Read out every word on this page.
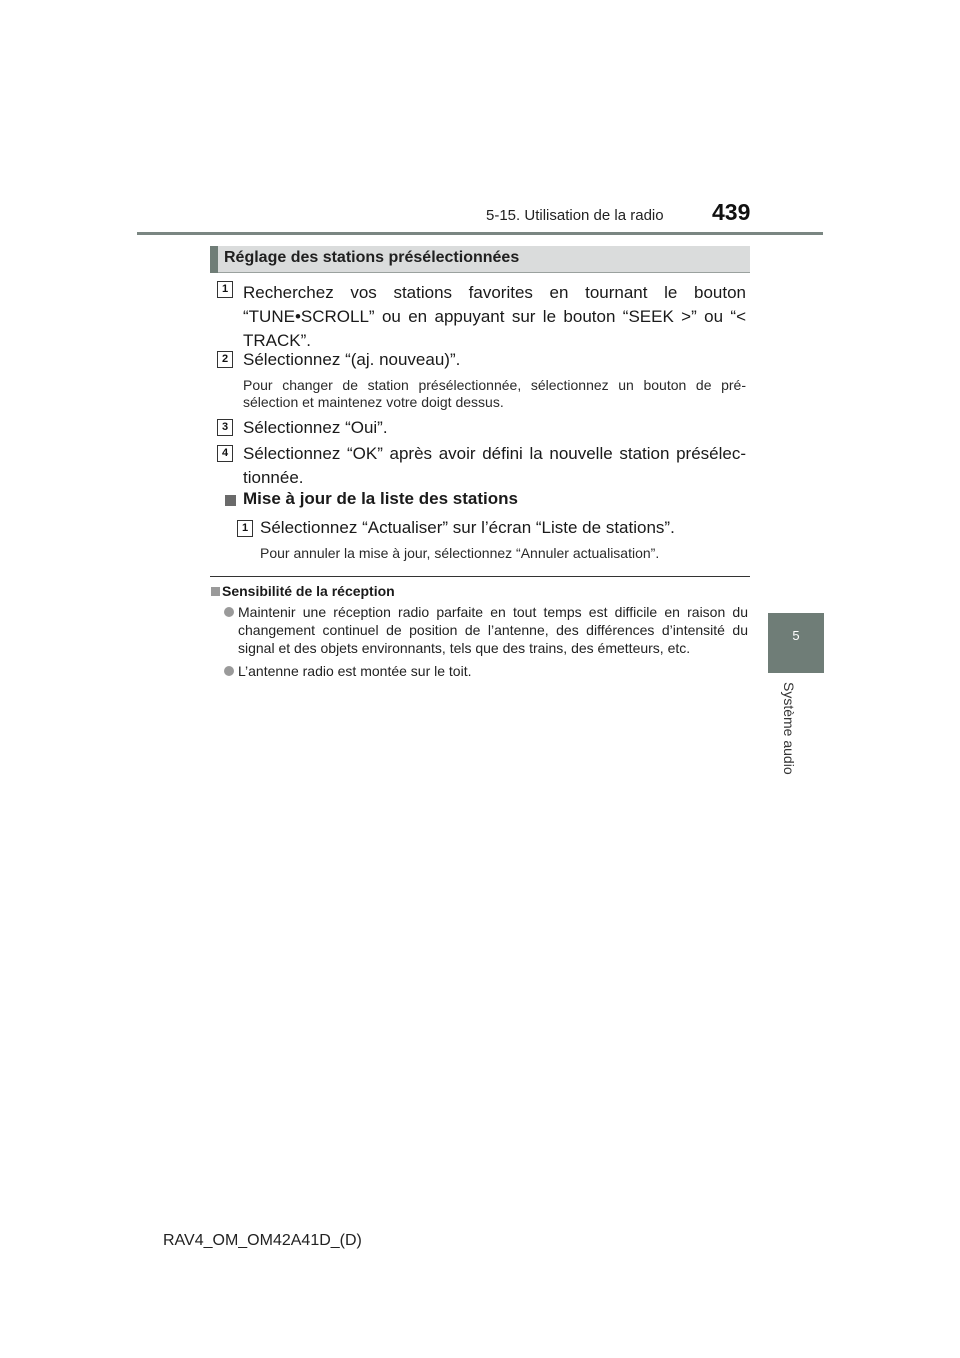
5-15. Utilisation de la radio 439
5
Système audio
Réglage des stations présélectionnées
1 Recherchez vos stations favorites en tournant le bouton “TUNE•SCROLL” ou en appuyant sur le bouton “SEEK >” ou “< TRACK”.
2 Sélectionnez “(aj. nouveau)”.
Pour changer de station présélectionnée, sélectionnez un bouton de pré-sélection et maintenez votre doigt dessus.
3 Sélectionnez “Oui”.
4 Sélectionnez “OK” après avoir défini la nouvelle station présélec-tionnée.
Mise à jour de la liste des stations
1 Sélectionnez “Actualiser” sur l’écran “Liste de stations”.
Pour annuler la mise à jour, sélectionnez “Annuler actualisation”.
Sensibilité de la réception
Maintenir une réception radio parfaite en tout temps est difficile en raison du changement continuel de position de l’antenne, des différences d’intensité du signal et des objets environnants, tels que des trains, des émetteurs, etc.
L’antenne radio est montée sur le toit.
RAV4_OM_OM42A41D_(D)
